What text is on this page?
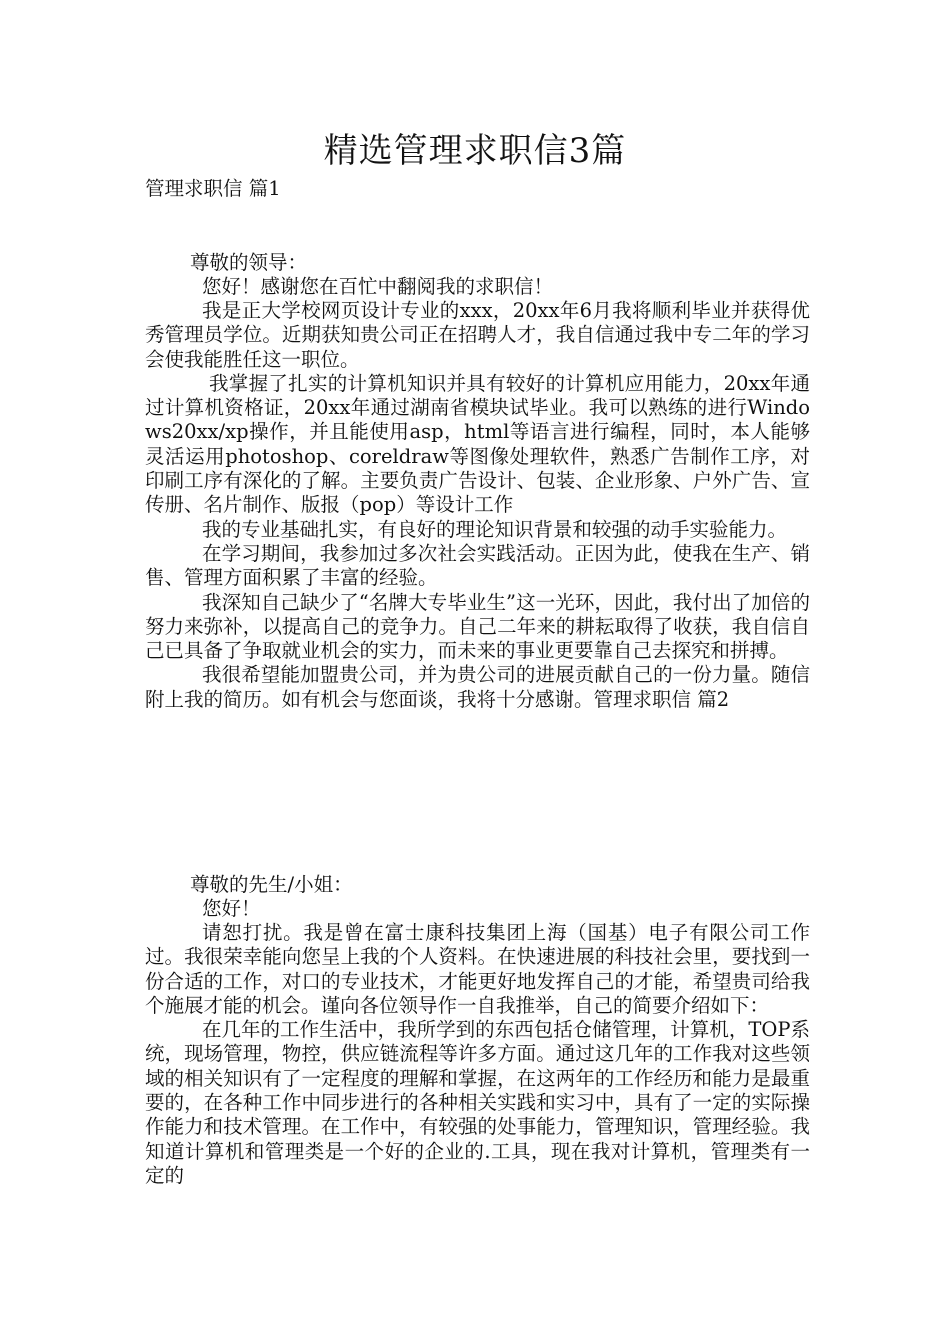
精选管理求职信3篇
管理求职信 篇1
尊敬的领导：
您好！感谢您在百忙中翻阅我的求职信！

我是正大学校网页设计专业的xxx，20xx年6月我将顺利毕业并获得优秀管理员学位。近期获知贵公司正在招聘人才，我自信通过我中专二年的学习会使我能胜任这一职位。

我掌握了扎实的计算机知识并具有较好的计算机应用能力，20xx年通过计算机资格证，20xx年通过湖南省模块试毕业。我可以熟练的进行Windows20xx/xp操作，并且能使用asp，html等语言进行编程，同时，本人能够灵活运用photoshop、coreldraw等图像处理软件，熟悉广告制作工序，对印刷工序有深化的了解。主要负责广告设计、包装、企业形象、户外广告、宣传册、名片制作、版报（pop）等设计工作

我的专业基础扎实，有良好的理论知识背景和较强的动手实验能力。

在学习期间，我参加过多次社会实践活动。正因为此，使我在生产、销售、管理方面积累了丰富的经验。

我深知自己缺少了“名牌大专毕业生”这一光环，因此，我付出了加倍的努力来弥补，以提高自己的竞争力。自己二年来的耕耘取得了收获，我自信自己已具备了争取就业机会的实力，而未来的事业更要靠自己去探究和拼搏。

我很希望能加盟贵公司，并为贵公司的进展贡献自己的一份力量。随信附上我的简历。如有机会与您面谈，我将十分感谢。管理求职信 篇2

尊敬的先生/小姐：
您好！

请恕打扰。我是曾在富士康科技集团上海（国基）电子有限公司工作过。我很荣幸能向您呈上我的个人资料。在快速进展的科技社会里，要找到一份合适的工作，对口的专业技术，才能更好地发挥自己的才能，希望贵司给我个施展才能的机会。谨向各位领导作一自我推举，自己的简要介绍如下：

在几年的工作生活中，我所学到的东西包括仓储管理，计算机，TOP系统，现场管理，物控，供应链流程等许多方面。通过这几年的工作我对这些领域的相关知识有了一定程度的理解和掌握，在这两年的工作经历和能力是最重要的，在各种工作中同步进行的各种相关实践和实习中，具有了一定的实际操作能力和技术管理。在工作中，有较强的处事能力，管理知识，管理经验。我知道计算机和管理类是一个好的企业的.工具，现在我对计算机，管理类有一定的
